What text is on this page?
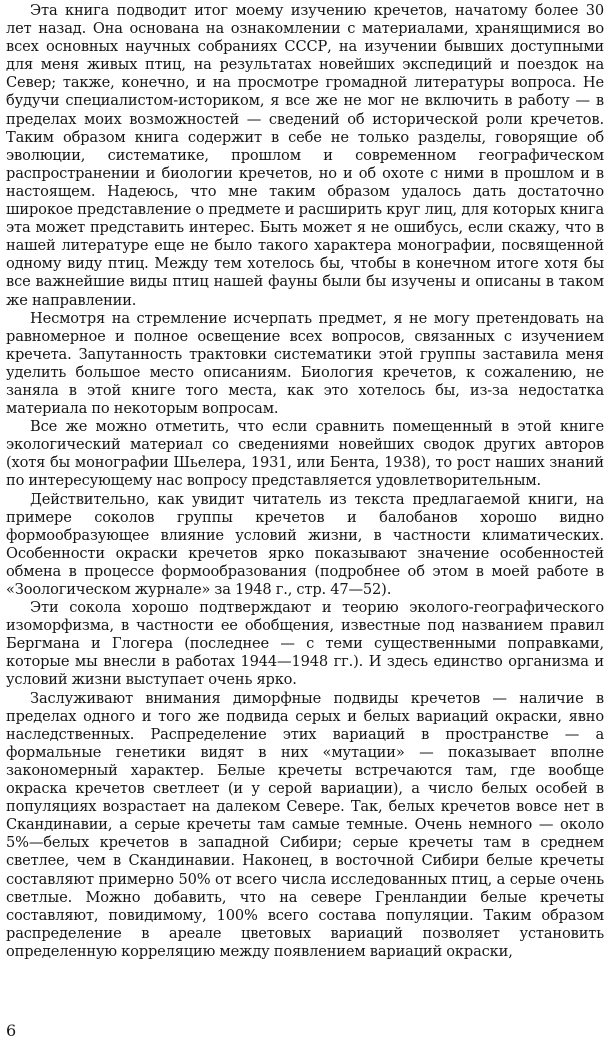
Эта книга подводит итог моему изучению кречетов, начатому более 30 лет назад. Она основана на ознакомлении с материалами, хранящимися во всех основных научных собраниях СССР, на изучении бывших доступными для меня живых птиц, на результатах новейших экспедиций и поездок на Север; также, конечно, и на просмотре громадной литературы вопроса. Не будучи специалистом-историком, я все же не мог не включить в работу — в пределах моих возможностей — сведений об исторической роли кречетов. Таким образом книга содержит в себе не только разделы, говорящие об эволюции, систематике, прошлом и современном географическом распространении и биологии кречетов, но и об охоте с ними в прошлом и в настоящем. Надеюсь, что мне таким образом удалось дать достаточно широкое представление о предмете и расширить круг лиц, для которых книга эта может представить интерес. Быть может я не ошибусь, если скажу, что в нашей литературе еще не было такого характера монографии, посвященной одному виду птиц. Между тем хотелось бы, чтобы в конечном итоге хотя бы все важнейшие виды птиц нашей фауны были бы изучены и описаны в таком же направлении.

Несмотря на стремление исчерпать предмет, я не могу претендовать на равномерное и полное освещение всех вопросов, связанных с изучением кречета. Запутанность трактовки систематики этой группы заставила меня уделить большое место описаниям. Биология кречетов, к сожалению, не заняла в этой книге того места, как это хотелось бы, из-за недостатка материала по некоторым вопросам.

Все же можно отметить, что если сравнить помещенный в этой книге экологический материал со сведениями новейших сводок других авторов (хотя бы монографии Шьелера, 1931, или Бента, 1938), то рост наших знаний по интересующему нас вопросу представляется удовлетворительным.

Действительно, как увидит читатель из текста предлагаемой книги, на примере соколов группы кречетов и балобанов хорошо видно формообразующее влияние условий жизни, в частности климатических. Особенности окраски кречетов ярко показывают значение особенностей обмена в процессе формообразования (подробнее об этом в моей работе в «Зоологическом журнале» за 1948 г., стр. 47—52).

Эти сокола хорошо подтверждают и теорию эколого-географического изоморфизма, в частности ее обобщения, известные под названием правил Бергмана и Глогера (последнее — с теми существенными поправками, которые мы внесли в работах 1944—1948 гг.). И здесь единство организма и условий жизни выступает очень ярко.

Заслуживают внимания диморфные подвиды кречетов — наличие в пределах одного и того же подвида серых и белых вариаций окраски, явно наследственных. Распределение этих вариаций в пространстве — а формальные генетики видят в них «мутации» — показывает вполне закономерный характер. Белые кречеты встречаются там, где вообще окраска кречетов светлеет (и у серой вариации), а число белых особей в популяциях возрастает на далеком Севере. Так, белых кречетов вовсе нет в Скандинавии, а серые кречеты там самые темные. Очень немного — около 5%—белых кречетов в западной Сибири; серые кречеты там в среднем светлее, чем в Скандинавии. Наконец, в восточной Сибири белые кречеты составляют примерно 50% от всего числа исследованных птиц, а серые очень светлые. Можно добавить, что на севере Гренландии белые кречеты составляют, повидимому, 100% всего состава популяции. Таким образом распределение в ареале цветовых вариаций позволяет установить определенную корреляцию между появлением вариаций окраски,

6
